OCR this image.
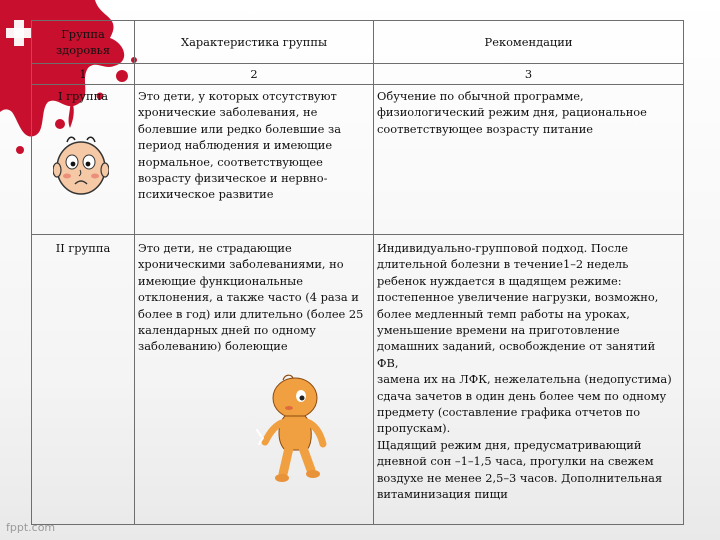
Группа здоровья	Характеристика группы	Рекомендации
1	2	3

I группа	Это дети, у которых отсутствуют хронические заболевания, не болевшие или редко болевшие за период наблюдения и имеющие нормальное, соответствующее возрасту физическое и нервно-психическое развитие	Обучение по обычной программе, физиологический режим дня, рациональное соответствующее возрасту питание

II группа	Это дети, не страдающие хроническими заболеваниями, но имеющие функциональные отклонения, а также часто (4 раза и более в год) или длительно (более 25 календарных дней по одному заболеванию) болеющие	Индивидуально-групповой подход. После длительной болезни в течение1–2 недель ребенок нуждается в щадящем режиме: постепенное увеличение нагрузки, возможно, более медленный темп работы на уроках, уменьшение времени на приготовление домашних заданий, освобождение от занятий ФВ,
замена их на ЛФК, нежелательна (недопустима) сдача зачетов в один день более чем по одному предмету (составление графика отчетов по пропускам).
Щадящий режим дня, предусматривающий дневной сон –1–1,5 часа, прогулки на свежем воздухе не менее 2,5–3 часов. Дополнительная витаминизация пищи
fppt.com
